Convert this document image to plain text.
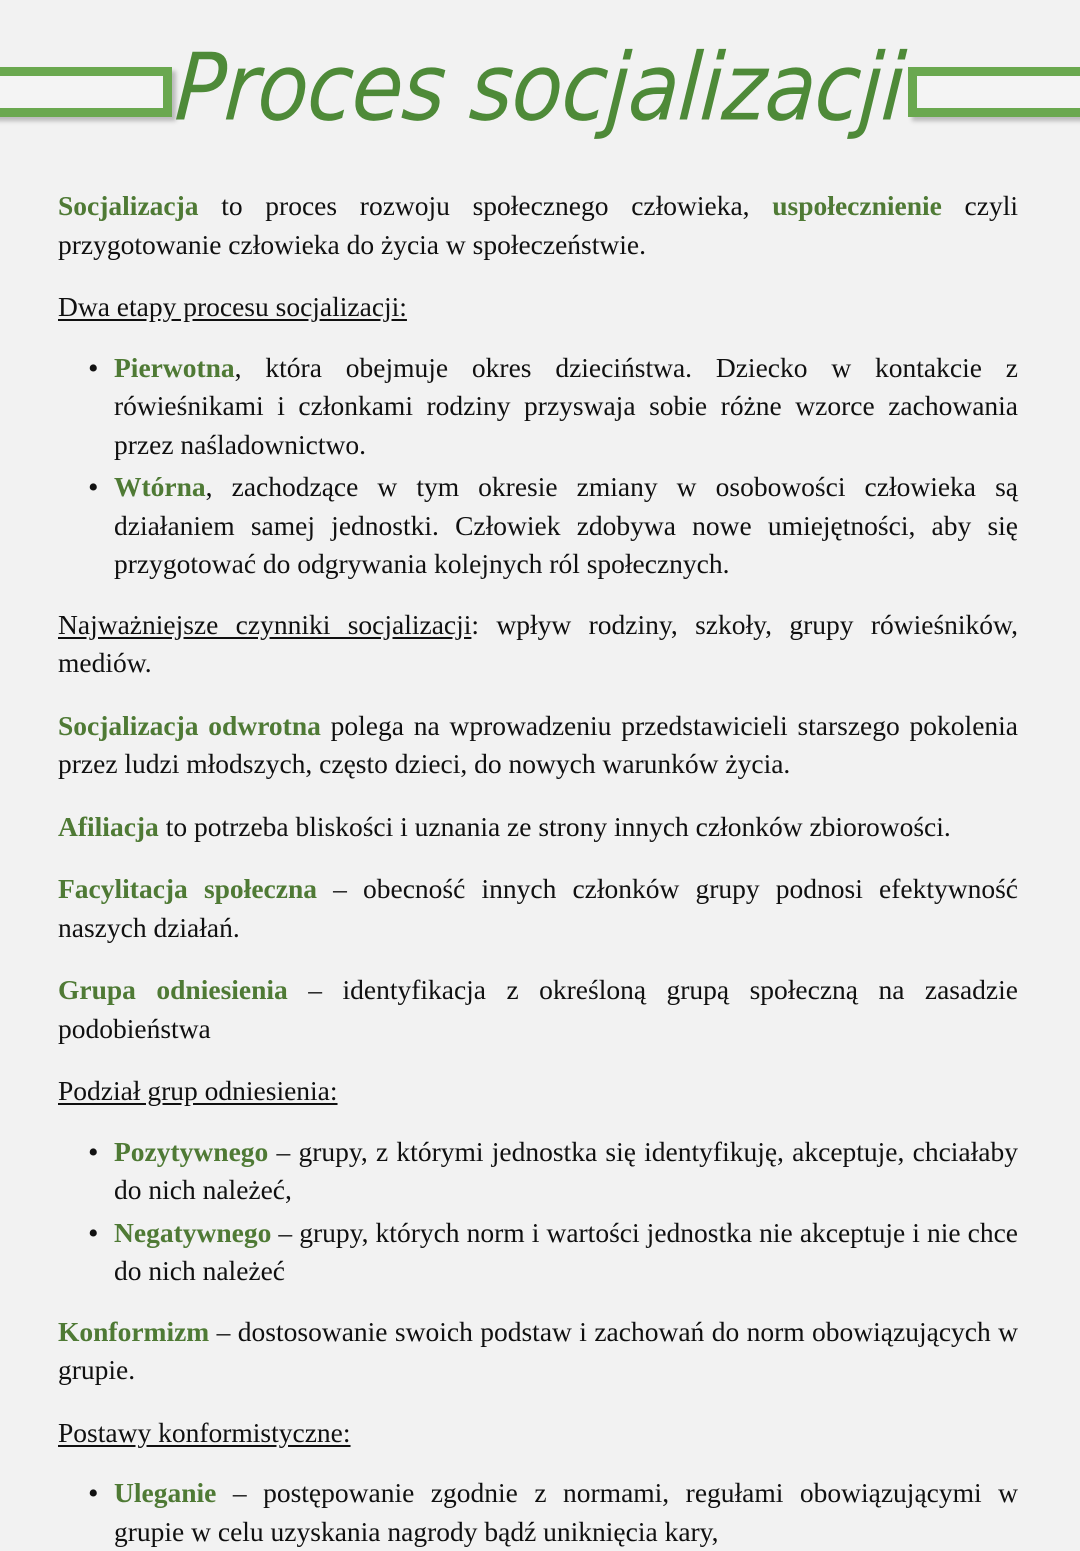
Proces socjalizacji

Socjalizacja to proces rozwoju społecznego człowieka, uspołecznienie czyli przygotowanie człowieka do życia w społeczeństwie.

Dwa etapy procesu socjalizacji:

• Pierwotna, która obejmuje okres dzieciństwa. Dziecko w kontakcie z rówieśnikami i członkami rodziny przyswaja sobie różne wzorce zachowania przez naśladownictwo.
• Wtórna, zachodzące w tym okresie zmiany w osobowości człowieka są działaniem samej jednostki. Człowiek zdobywa nowe umiejętności, aby się przygotować do odgrywania kolejnych ról społecznych.

Najważniejsze czynniki socjalizacji: wpływ rodziny, szkoły, grupy rówieśników, mediów.

Socjalizacja odwrotna polega na wprowadzeniu przedstawicieli starszego pokolenia przez ludzi młodszych, często dzieci, do nowych warunków życia.

Afiliacja to potrzeba bliskości i uznania ze strony innych członków zbiorowości.

Facylitacja społeczna – obecność innych członków grupy podnosi efektywność naszych działań.

Grupa odniesienia – identyfikacja z określoną grupą społeczną na zasadzie podobieństwa

Podział grup odniesienia:

• Pozytywnego – grupy, z którymi jednostka się identyfikuję, akceptuje, chciałaby do nich należeć,
• Negatywnego – grupy, których norm i wartości jednostka nie akceptuje i nie chce do nich należeć

Konformizm – dostosowanie swoich podstaw i zachowań do norm obowiązujących w grupie.

Postawy konformistyczne:

• Uleganie – postępowanie zgodnie z normami, regułami obowiązującymi w grupie w celu uzyskania nagrody bądź uniknięcia kary,
